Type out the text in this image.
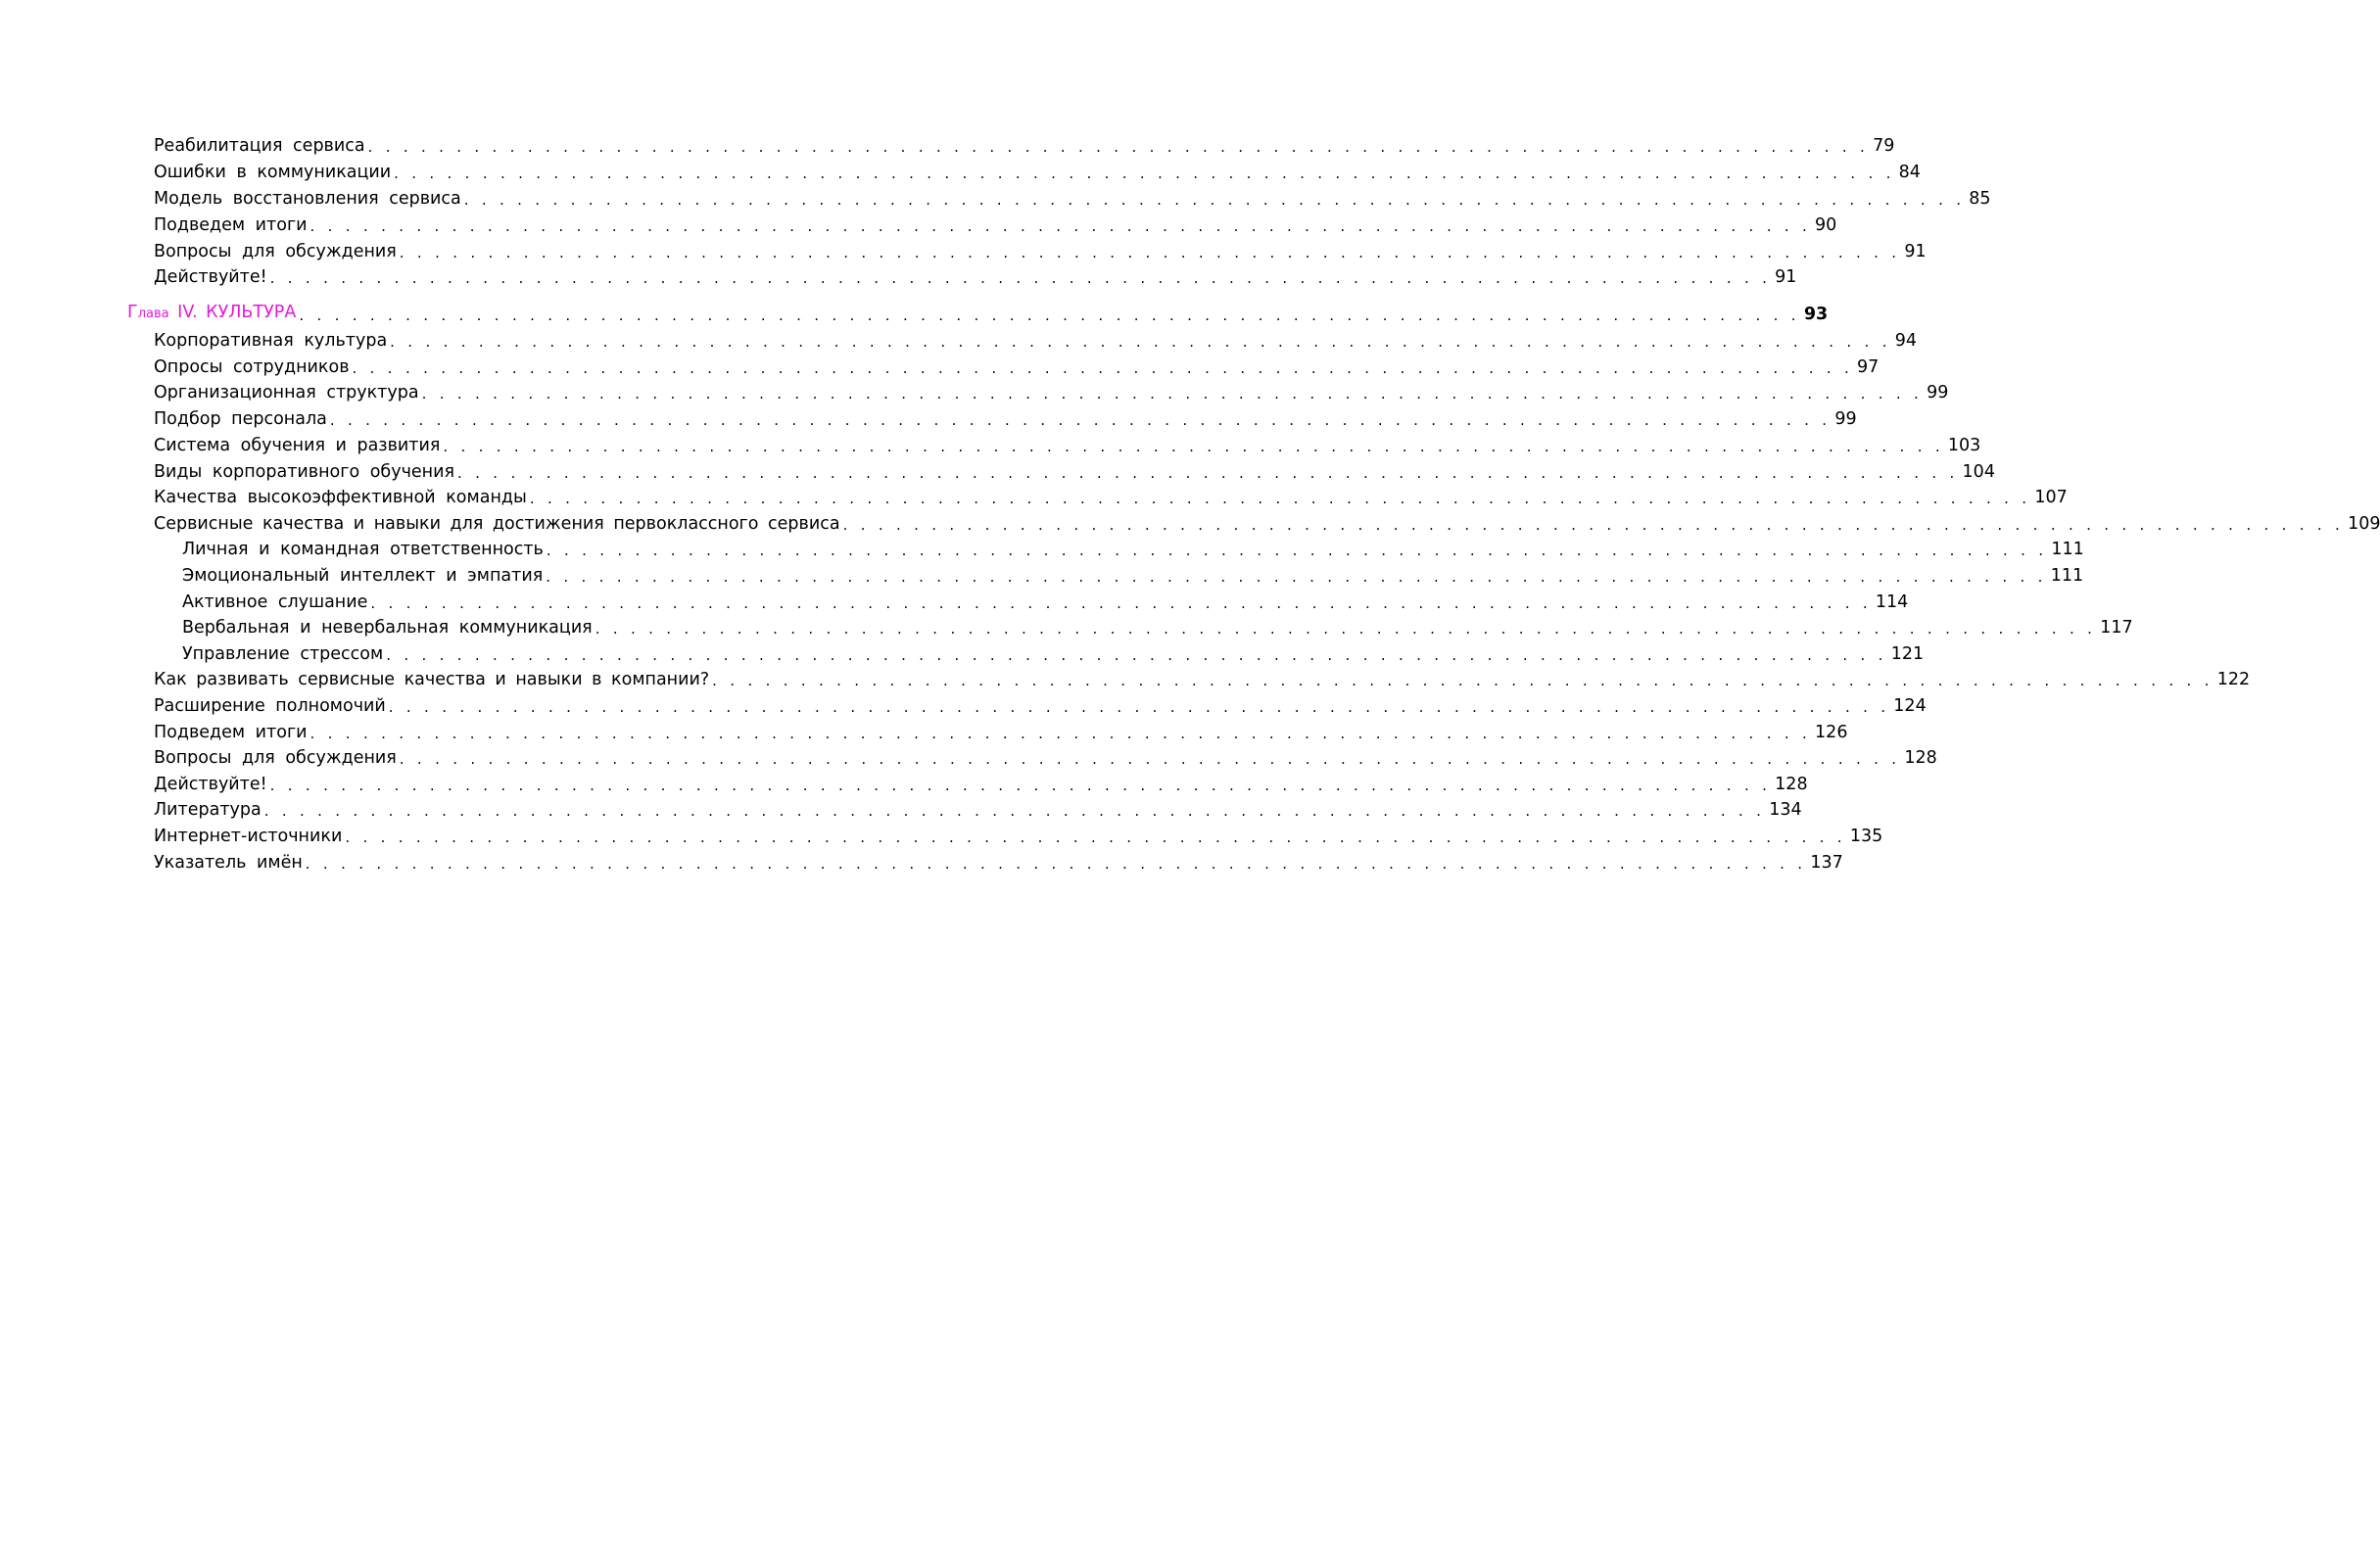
Реабилитация сервиса . . . . . . . . . . . . . . . . . . . . . . . . . . . . . . . . . . . . . . . . . . . . . . . . . . . . . . . . . . . . . . . . . . . . . . . . . . . . . . . . . . . . . 79
Ошибки в коммуникации . . . . . . . . . . . . . . . . . . . . . . . . . . . . . . . . . . . . . . . . . . . . . . . . . . . . . . . . . . . . . . . . . . . . . . . . . . . . . . . . . . . . . 84
Модель восстановления сервиса . . . . . . . . . . . . . . . . . . . . . . . . . . . . . . . . . . . . . . . . . . . . . . . . . . . . . . . . . . . . . . . . . . . . . . . . . . . . . . . . . . . . . 85
Подведем итоги . . . . . . . . . . . . . . . . . . . . . . . . . . . . . . . . . . . . . . . . . . . . . . . . . . . . . . . . . . . . . . . . . . . . . . . . . . . . . . . . . . . . . 90
Вопросы для обсуждения . . . . . . . . . . . . . . . . . . . . . . . . . . . . . . . . . . . . . . . . . . . . . . . . . . . . . . . . . . . . . . . . . . . . . . . . . . . . . . . . . . . . . 91
Действуйте! . . . . . . . . . . . . . . . . . . . . . . . . . . . . . . . . . . . . . . . . . . . . . . . . . . . . . . . . . . . . . . . . . . . . . . . . . . . . . . . . . . . . . 91
Глава IV. КУЛЬТУРА . . . . . . . . . . . . . . . . . . . . . . . . . . . . . . . . . . . . . . . . . . . . . . . . . . . . . . . . . . . . . . . . . . . . . . . . . . . . . . . . . . . . . 93
Корпоративная культура . . . . . . . . . . . . . . . . . . . . . . . . . . . . . . . . . . . . . . . . . . . . . . . . . . . . . . . . . . . . . . . . . . . . . . . . . . . . . . . . . . . . . 94
Опросы сотрудников . . . . . . . . . . . . . . . . . . . . . . . . . . . . . . . . . . . . . . . . . . . . . . . . . . . . . . . . . . . . . . . . . . . . . . . . . . . . . . . . . . . . . 97
Организационная структура . . . . . . . . . . . . . . . . . . . . . . . . . . . . . . . . . . . . . . . . . . . . . . . . . . . . . . . . . . . . . . . . . . . . . . . . . . . . . . . . . . . . . 99
Подбор персонала . . . . . . . . . . . . . . . . . . . . . . . . . . . . . . . . . . . . . . . . . . . . . . . . . . . . . . . . . . . . . . . . . . . . . . . . . . . . . . . . . . . . . 99
Система обучения и развития . . . . . . . . . . . . . . . . . . . . . . . . . . . . . . . . . . . . . . . . . . . . . . . . . . . . . . . . . . . . . . . . . . . . . . . . . . . . . . . . . . . . . 103
Виды корпоративного обучения . . . . . . . . . . . . . . . . . . . . . . . . . . . . . . . . . . . . . . . . . . . . . . . . . . . . . . . . . . . . . . . . . . . . . . . . . . . . . . . . . . . . . 104
Качества высокоэффективной команды . . . . . . . . . . . . . . . . . . . . . . . . . . . . . . . . . . . . . . . . . . . . . . . . . . . . . . . . . . . . . . . . . . . . . . . . . . . . . . . . . . . . . 107
Сервисные качества и навыки для достижения первоклассного сервиса . . . . . . . . . . . . . . . . . . . . . . . . . . . . . . . . . . . . . . . . . . . . . . . . . . . . . . . . . . . . . . . . . . . . . . . . . . . . . . . . . . . . . 109
Личная и командная ответственность . . . . . . . . . . . . . . . . . . . . . . . . . . . . . . . . . . . . . . . . . . . . . . . . . . . . . . . . . . . . . . . . . . . . . . . . . . . . . . . . . . . . . 111
Эмоциональный интеллект и эмпатия . . . . . . . . . . . . . . . . . . . . . . . . . . . . . . . . . . . . . . . . . . . . . . . . . . . . . . . . . . . . . . . . . . . . . . . . . . . . . . . . . . . . . 111
Активное слушание . . . . . . . . . . . . . . . . . . . . . . . . . . . . . . . . . . . . . . . . . . . . . . . . . . . . . . . . . . . . . . . . . . . . . . . . . . . . . . . . . . . . . 114
Вербальная и невербальная коммуникация . . . . . . . . . . . . . . . . . . . . . . . . . . . . . . . . . . . . . . . . . . . . . . . . . . . . . . . . . . . . . . . . . . . . . . . . . . . . . . . . . . . . . 117
Управление стрессом . . . . . . . . . . . . . . . . . . . . . . . . . . . . . . . . . . . . . . . . . . . . . . . . . . . . . . . . . . . . . . . . . . . . . . . . . . . . . . . . . . . . . 121
Как развивать сервисные качества и навыки в компании? . . . . . . . . . . . . . . . . . . . . . . . . . . . . . . . . . . . . . . . . . . . . . . . . . . . . . . . . . . . . . . . . . . . . . . . . . . . . . . . . . . . . . 122
Расширение полномочий . . . . . . . . . . . . . . . . . . . . . . . . . . . . . . . . . . . . . . . . . . . . . . . . . . . . . . . . . . . . . . . . . . . . . . . . . . . . . . . . . . . . . 124
Подведем итоги . . . . . . . . . . . . . . . . . . . . . . . . . . . . . . . . . . . . . . . . . . . . . . . . . . . . . . . . . . . . . . . . . . . . . . . . . . . . . . . . . . . . . 126
Вопросы для обсуждения . . . . . . . . . . . . . . . . . . . . . . . . . . . . . . . . . . . . . . . . . . . . . . . . . . . . . . . . . . . . . . . . . . . . . . . . . . . . . . . . . . . . . 128
Действуйте! . . . . . . . . . . . . . . . . . . . . . . . . . . . . . . . . . . . . . . . . . . . . . . . . . . . . . . . . . . . . . . . . . . . . . . . . . . . . . . . . . . . . . 128
Литература . . . . . . . . . . . . . . . . . . . . . . . . . . . . . . . . . . . . . . . . . . . . . . . . . . . . . . . . . . . . . . . . . . . . . . . . . . . . . . . . . . . . . 134
Интернет-источники . . . . . . . . . . . . . . . . . . . . . . . . . . . . . . . . . . . . . . . . . . . . . . . . . . . . . . . . . . . . . . . . . . . . . . . . . . . . . . . . . . . . . 135
Указатель имён . . . . . . . . . . . . . . . . . . . . . . . . . . . . . . . . . . . . . . . . . . . . . . . . . . . . . . . . . . . . . . . . . . . . . . . . . . . . . . . . . . . . . 137
